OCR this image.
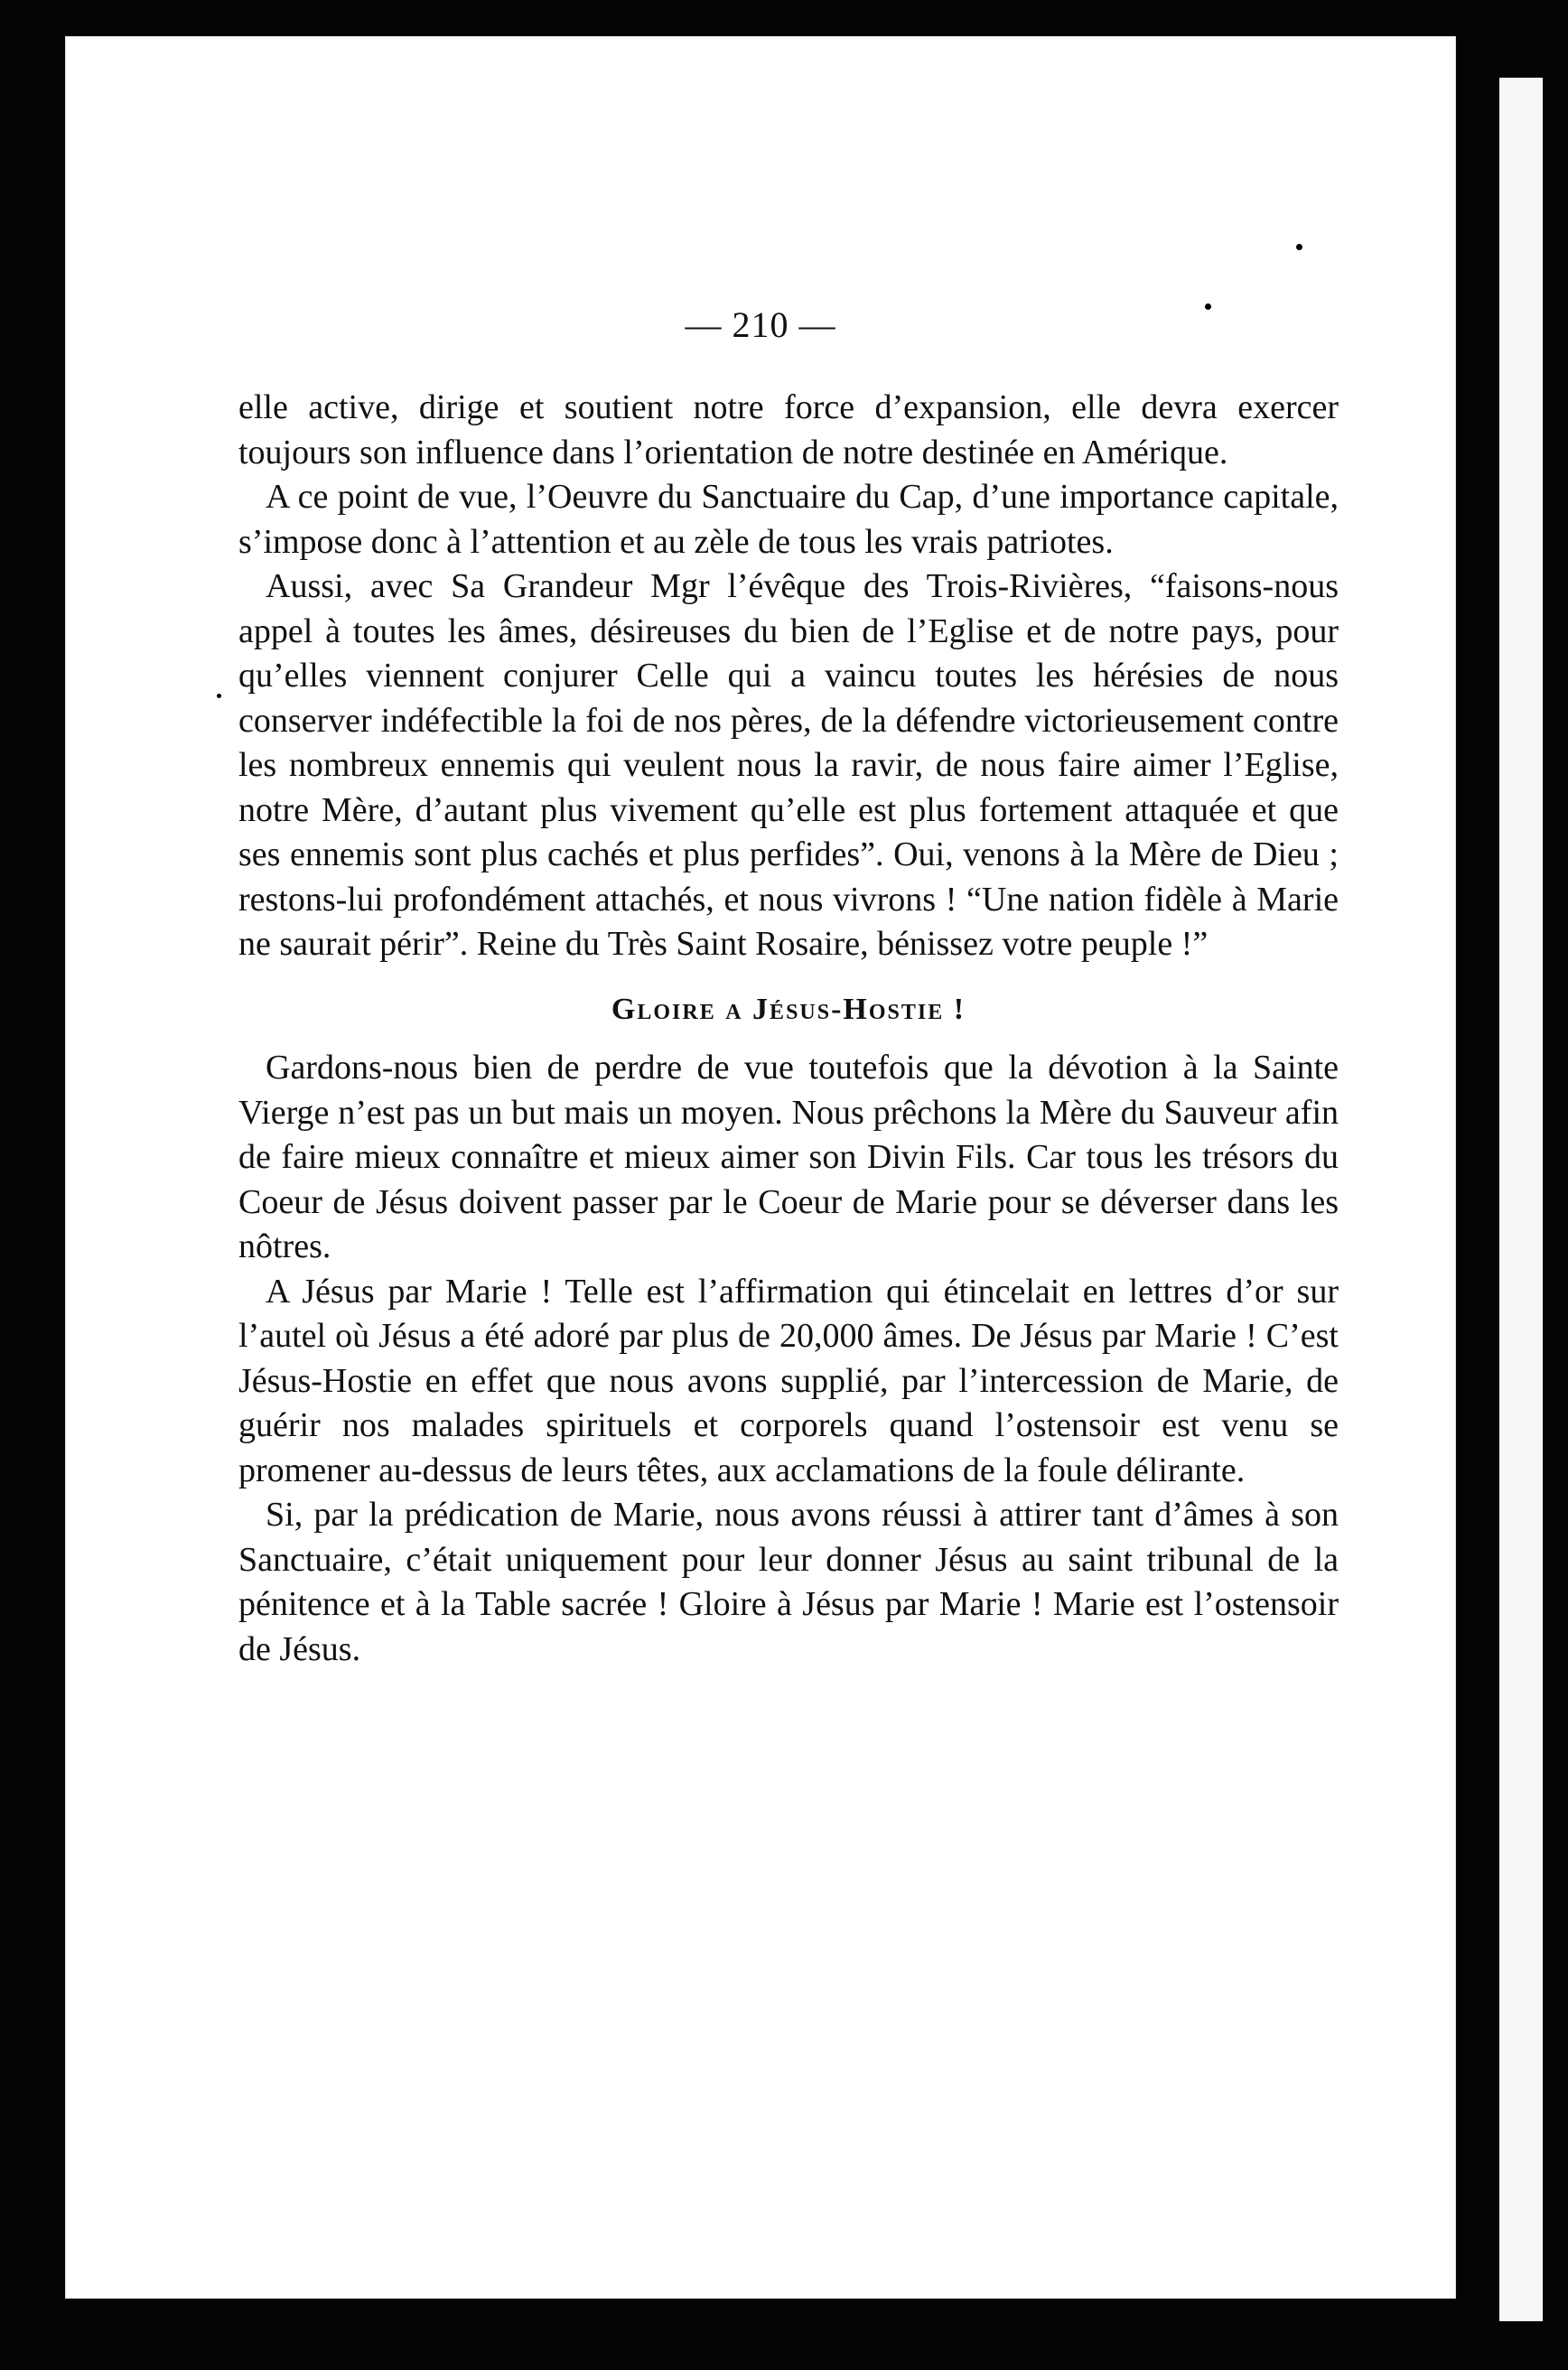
— 210 —

elle active, dirige et soutient notre force d’expansion, elle devra exercer toujours son influence dans l’orientation de notre destinée en Amérique.

A ce point de vue, l’Oeuvre du Sanctuaire du Cap, d’une importance capitale, s’impose donc à l’attention et au zèle de tous les vrais patriotes.

Aussi, avec Sa Grandeur Mgr l’évêque des Trois-Rivières, “faisons-nous appel à toutes les âmes, désireuses du bien de l’Eglise et de notre pays, pour qu’elles viennent conjurer Celle qui a vaincu toutes les hérésies de nous conserver indéfectible la foi de nos pères, de la défendre victorieusement contre les nombreux ennemis qui veulent nous la ravir, de nous faire aimer l’Eglise, notre Mère, d’autant plus vivement qu’elle est plus fortement attaquée et que ses ennemis sont plus cachés et plus perfides”. Oui, venons à la Mère de Dieu ; restons-lui profondément attachés, et nous vivrons ! “Une nation fidèle à Marie ne saurait périr”. Reine du Très Saint Rosaire, bénissez votre peuple !”

Gloire a Jésus-Hostie !

Gardons-nous bien de perdre de vue toutefois que la dévotion à la Sainte Vierge n’est pas un but mais un moyen. Nous prêchons la Mère du Sauveur afin de faire mieux connaître et mieux aimer son Divin Fils. Car tous les trésors du Coeur de Jésus doivent passer par le Coeur de Marie pour se déverser dans les nôtres.

A Jésus par Marie ! Telle est l’affirmation qui étincelait en lettres d’or sur l’autel où Jésus a été adoré par plus de 20,000 âmes. De Jésus par Marie ! C’est Jésus-Hostie en effet que nous avons supplié, par l’intercession de Marie, de guérir nos malades spirituels et corporels quand l’ostensoir est venu se promener au-dessus de leurs têtes, aux acclamations de la foule délirante.

Si, par la prédication de Marie, nous avons réussi à attirer tant d’âmes à son Sanctuaire, c’était uniquement pour leur donner Jésus au saint tribunal de la pénitence et à la Table sacrée ! Gloire à Jésus par Marie ! Marie est l’ostensoir de Jésus.
